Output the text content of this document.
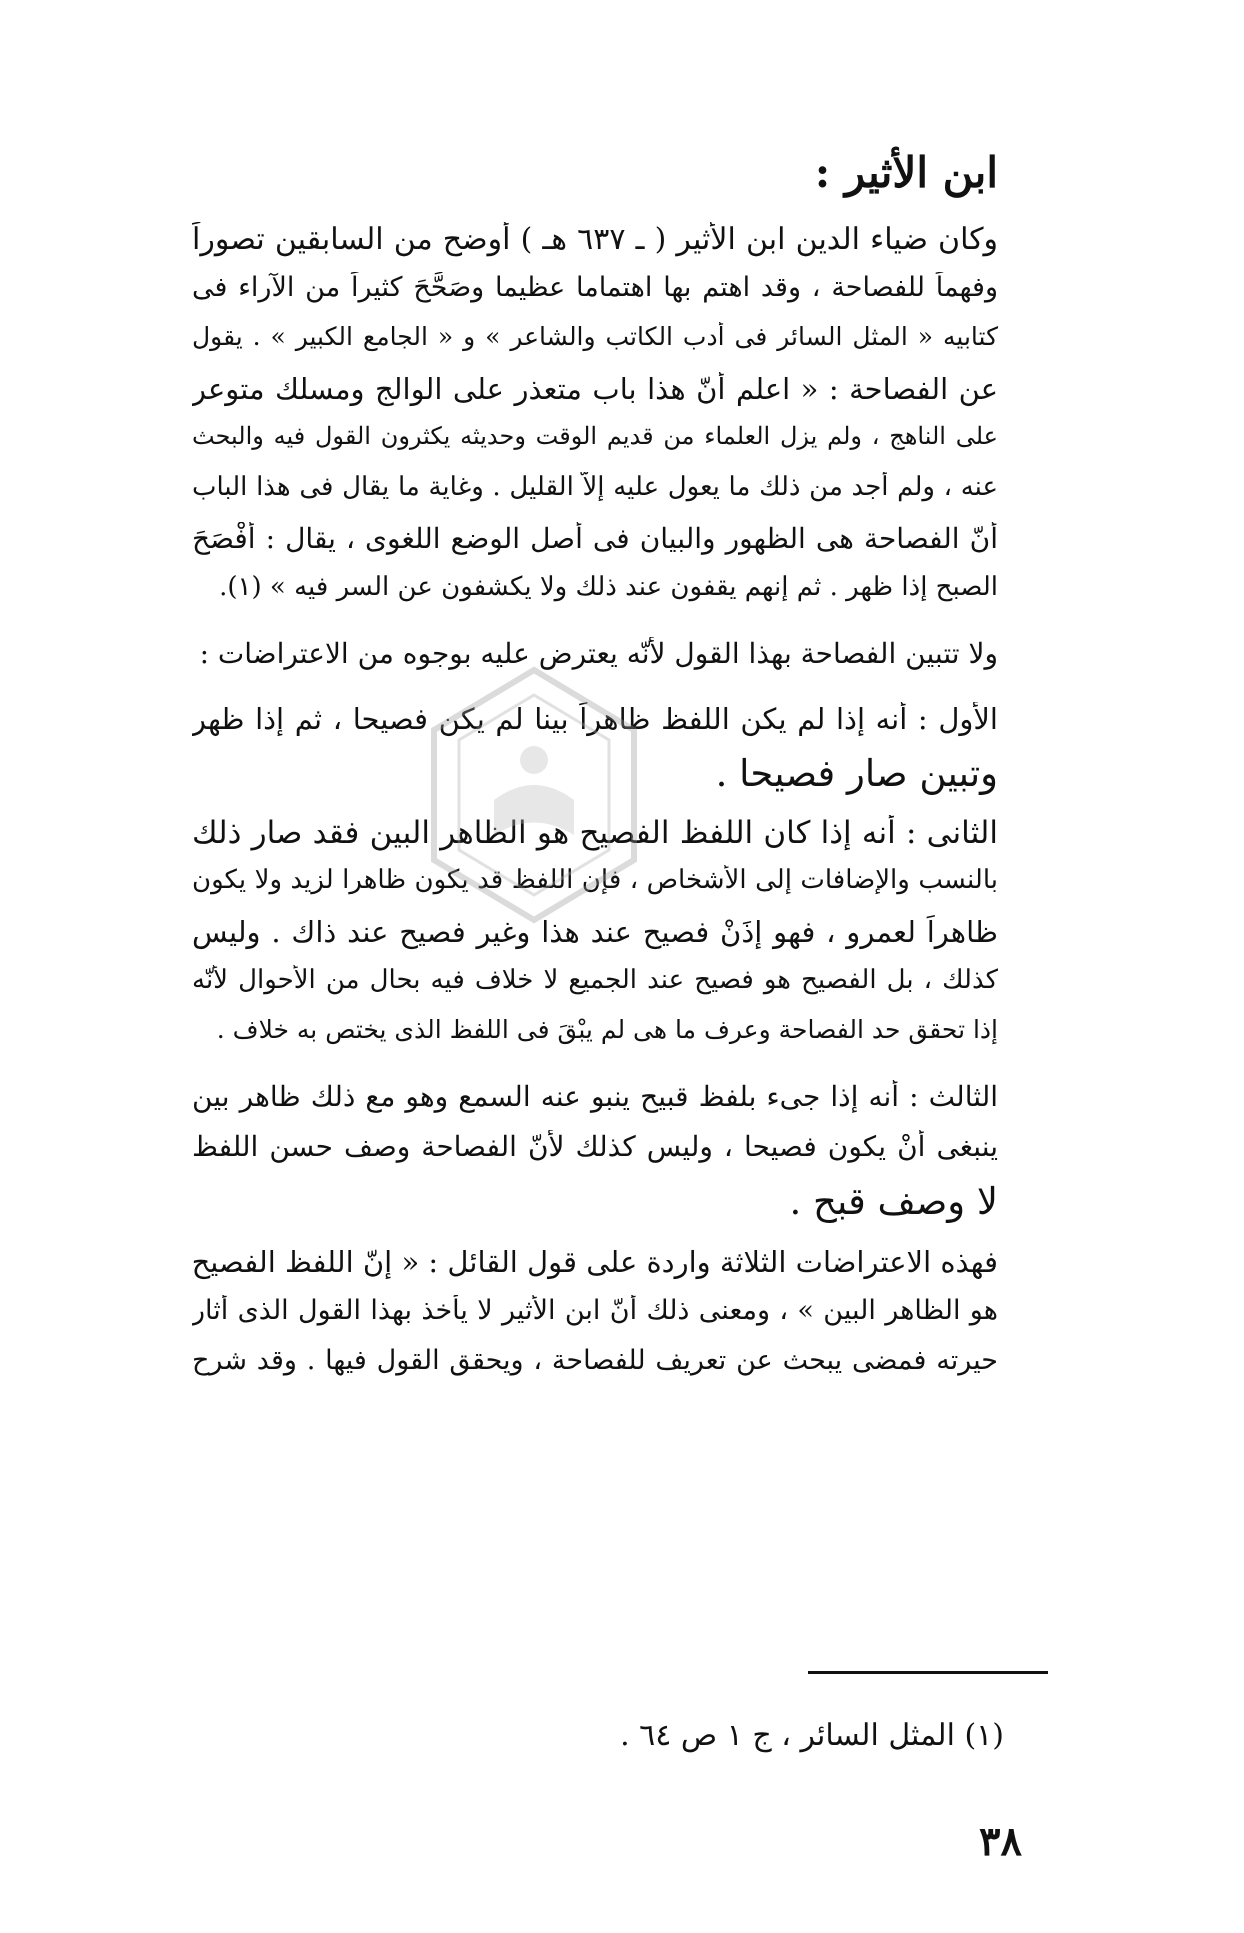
ابن الأثير :
وكان ضياء الدين ابن الأثير ( ـ ٦٣٧ هـ ) أوضح من السابقين تصوراً
وفهماً للفصاحة ، وقد اهتم بها اهتماما عظيما وصَحَّحَ كثيراً من الآراء فى
كتابيه « المثل السائر فى أدب الكاتب والشاعر » و « الجامع الكبير » . يقول
عن الفصاحة : « اعلم أنّ هذا باب متعذر على الوالج ومسلك متوعر
على الناهج ، ولم يزل العلماء من قديم الوقت وحديثه يكثرون القول فيه والبحث
عنه ، ولم أجد من ذلك ما يعول عليه إلاّ القليل . وغاية ما يقال فى هذا الباب
أنّ الفصاحة هى الظهور والبيان فى أصل الوضع اللغوى ، يقال : أفْصَحَ
الصبح إذا ظهر . ثم إنهم يقفون عند ذلك ولا يكشفون عن السر فيه » (١).
ولا تتبين الفصاحة بهذا القول لأنّه يعترض عليه بوجوه من الاعتراضات :
الأول : أنه إذا لم يكن اللفظ ظاهراً بينا لم يكن فصيحا ، ثم إذا ظهر
وتبين صار فصيحا .
الثانى : أنه إذا كان اللفظ الفصيح هو الظاهر البين فقد صار ذلك
بالنسب والإضافات إلى الأشخاص ، فإن اللفظ قد يكون ظاهرا لزيد ولا يكون
ظاهراً لعمرو ، فهو إذَنْ فصيح عند هذا وغير فصيح عند ذاك . وليس
كذلك ، بل الفصيح هو فصيح عند الجميع لا خلاف فيه بحال من الأحوال لأنّه
إذا تحقق حد الفصاحة وعرف ما هى لم يبْقَ فى اللفظ الذى يختص به خلاف .
الثالث : أنه إذا جىء بلفظ قبيح ينبو عنه السمع وهو مع ذلك ظاهر بين
ينبغى أنْ يكون فصيحا ، وليس كذلك لأنّ الفصاحة وصف حسن اللفظ
لا وصف قبح .
فهذه الاعتراضات الثلاثة واردة على قول القائل : « إنّ اللفظ الفصيح
هو الظاهر البين » ، ومعنى ذلك أنّ ابن الأثير لا يأخذ بهذا القول الذى أثار
حيرته فمضى يبحث عن تعريف للفصاحة ، ويحقق القول فيها . وقد شرح
(١) المثل السائر ، ج ١ ص ٦٤ .
٣٨
